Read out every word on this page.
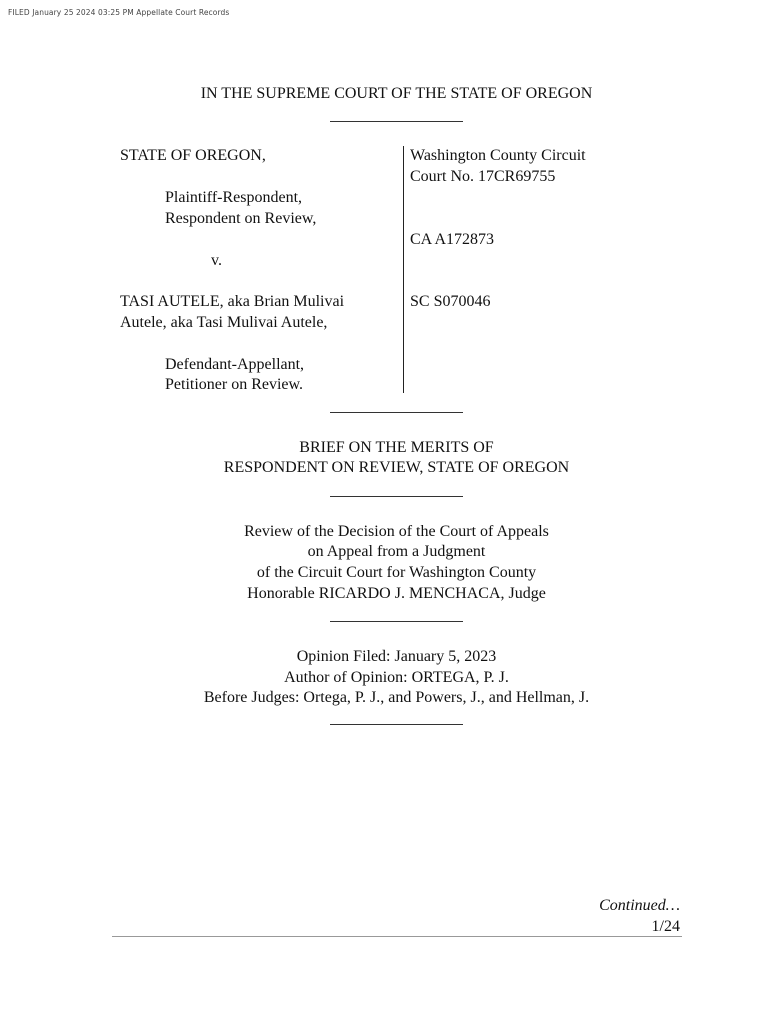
FILED January 25 2024 03:25 PM Appellate Court Records
IN THE SUPREME COURT OF THE STATE OF OREGON
STATE OF OREGON,
Plaintiff-Respondent,
Respondent on Review,
v.
TASI AUTELE, aka Brian Mulivai
Autele, aka Tasi Mulivai Autele,
Defendant-Appellant,
Petitioner on Review.
Washington County Circuit
Court No. 17CR69755
CA A172873
SC S070046
BRIEF ON THE MERITS OF
RESPONDENT ON REVIEW, STATE OF OREGON
Review of the Decision of the Court of Appeals
on Appeal from a Judgment
of the Circuit Court for Washington County
Honorable RICARDO J. MENCHACA, Judge
Opinion Filed: January 5, 2023
Author of Opinion: ORTEGA, P. J.
Before Judges: Ortega, P. J., and Powers, J., and Hellman, J.
Continued…
1/24
